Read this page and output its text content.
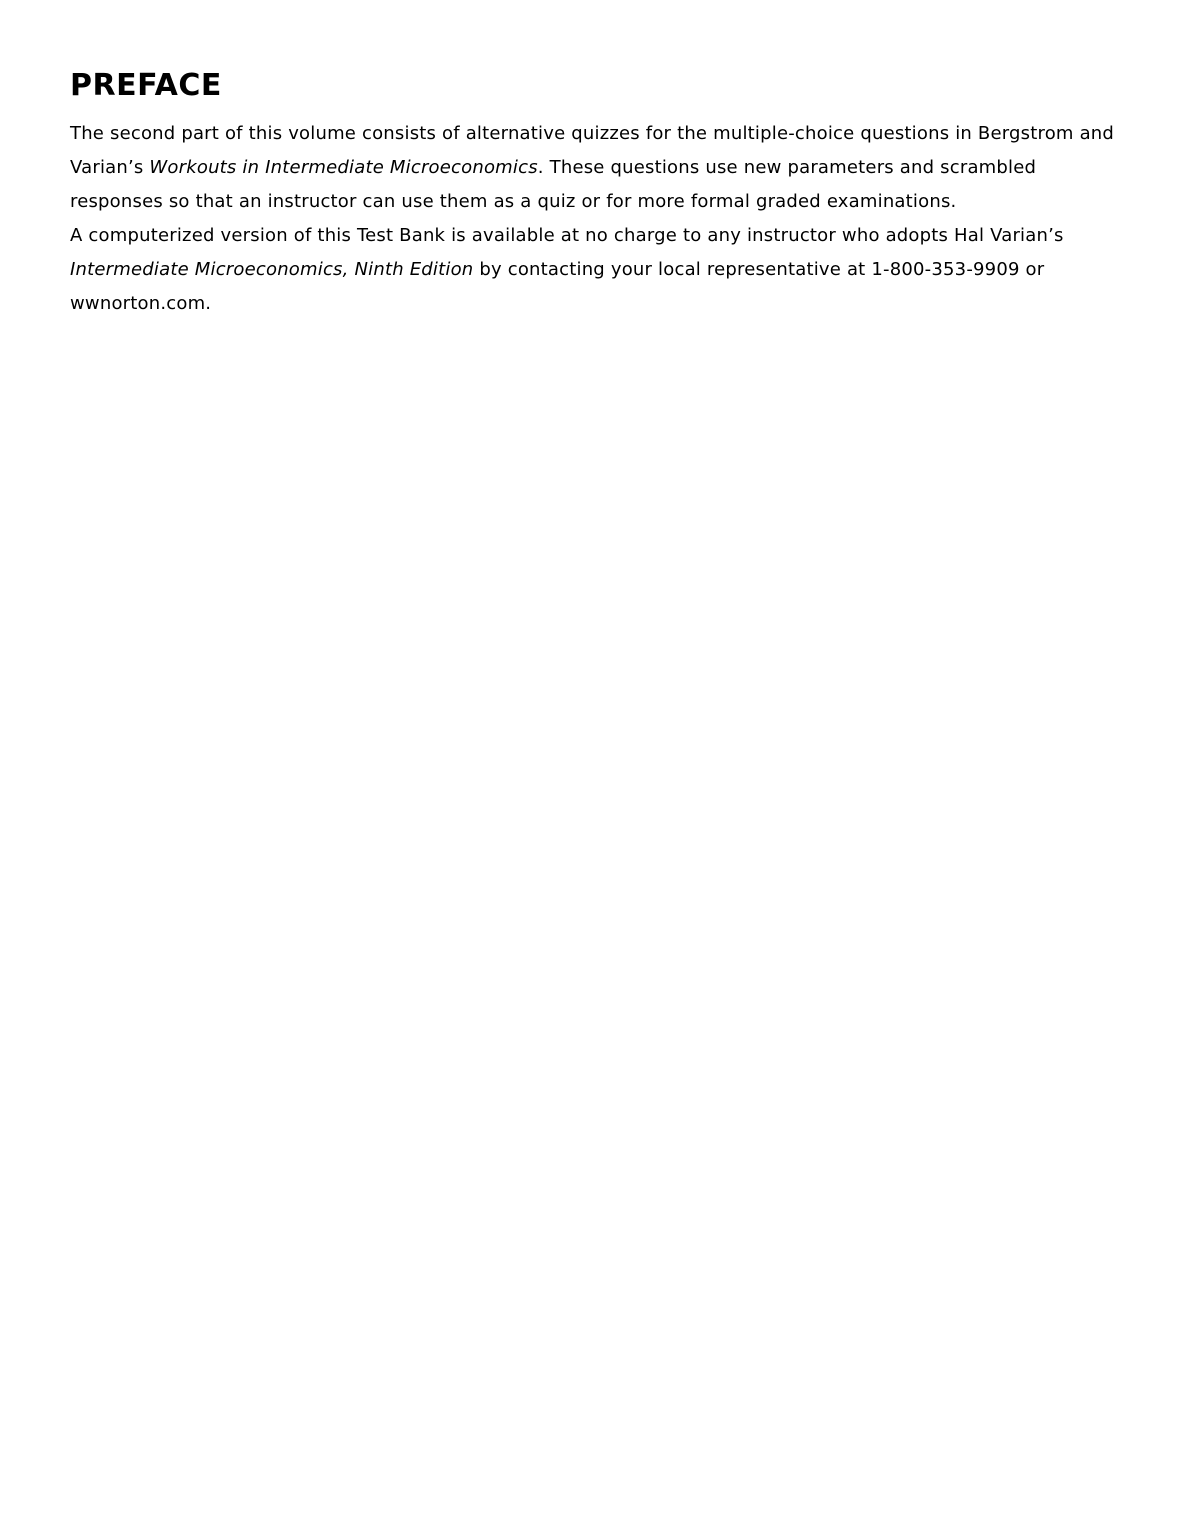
PREFACE

The second part of this volume consists of alternative quizzes for the multiple-choice questions in Bergstrom and Varian’s Workouts in Intermediate Microeconomics. These questions use new parameters and scrambled responses so that an instructor can use them as a quiz or for more formal graded examinations.

A computerized version of this Test Bank is available at no charge to any instructor who adopts Hal Varian’s Intermediate Microeconomics, Ninth Edition by contacting your local representative at 1-800-353-9909 or wwnorton.com.
